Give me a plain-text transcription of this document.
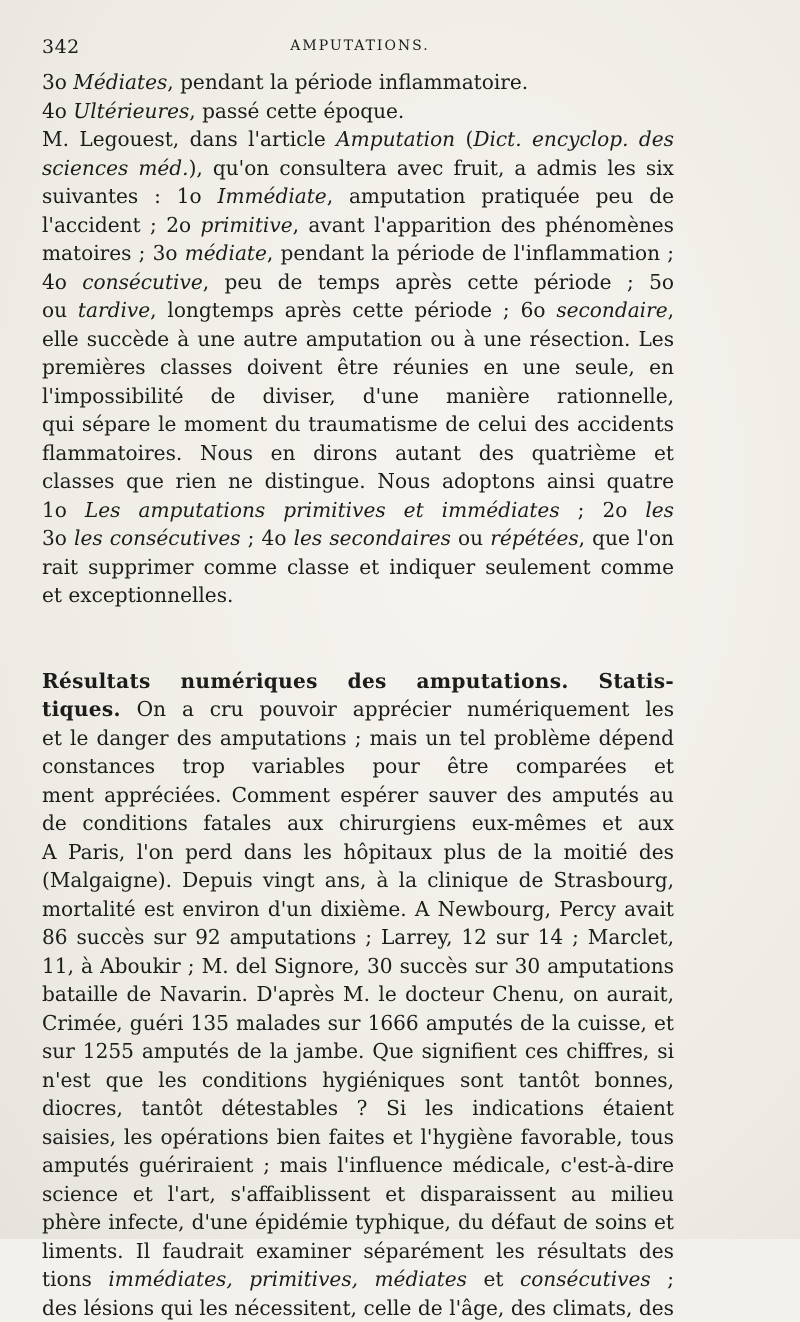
342	AMPUTATIONS.
3o Médiates, pendant la période inflammatoire.
4o Ultérieures, passé cette époque.
M. Legouest, dans l'article Amputation (Dict. encyclop. des
sciences méd.), qu'on consultera avec fruit, a admis les six
suivantes : 1o Immédiate, amputation pratiquée peu de
l'accident ; 2o primitive, avant l'apparition des phénomènes
matoires ; 3o médiate, pendant la période de l'inflammation ;
4o consécutive, peu de temps après cette période ; 5o
ou tardive, longtemps après cette période ; 6o secondaire,
elle succède à une autre amputation ou à une résection. Les
premières classes doivent être réunies en une seule, en
l'impossibilité de diviser, d'une manière rationnelle,
qui sépare le moment du traumatisme de celui des accidents
flammatoires. Nous en dirons autant des quatrième et
classes que rien ne distingue. Nous adoptons ainsi quatre
1o Les amputations primitives et immédiates ; 2o les
3o les consécutives ; 4o les secondaires ou répétées, que l'on
rait supprimer comme classe et indiquer seulement comme
et exceptionnelles.
Résultats numériques des amputations. Statis-
tiques. On a cru pouvoir apprécier numériquement les
et le danger des amputations ; mais un tel problème dépend
constances trop variables pour être comparées et
ment appréciées. Comment espérer sauver des amputés au
de conditions fatales aux chirurgiens eux-mêmes et aux
A Paris, l'on perd dans les hôpitaux plus de la moitié des
(Malgaigne). Depuis vingt ans, à la clinique de Strasbourg,
mortalité est environ d'un dixième. A Newbourg, Percy avait
86 succès sur 92 amputations ; Larrey, 12 sur 14 ; Marclet,
11, à Aboukir ; M. del Signore, 30 succès sur 30 amputations
bataille de Navarin. D'après M. le docteur Chenu, on aurait,
Crimée, guéri 135 malades sur 1666 amputés de la cuisse, et
sur 1255 amputés de la jambe. Que signifient ces chiffres, si
n'est que les conditions hygiéniques sont tantôt bonnes,
diocres, tantôt détestables ? Si les indications étaient
saisies, les opérations bien faites et l'hygiène favorable, tous
amputés guériraient ; mais l'influence médicale, c'est-à-dire
science et l'art, s'affaiblissent et disparaissent au milieu
phère infecte, d'une épidémie typhique, du défaut de soins et
liments. Il faudrait examiner séparément les résultats des
tions immédiates, primitives, médiates et consécutives ;
des lésions qui les nécessitent, celle de l'âge, des climats, des
